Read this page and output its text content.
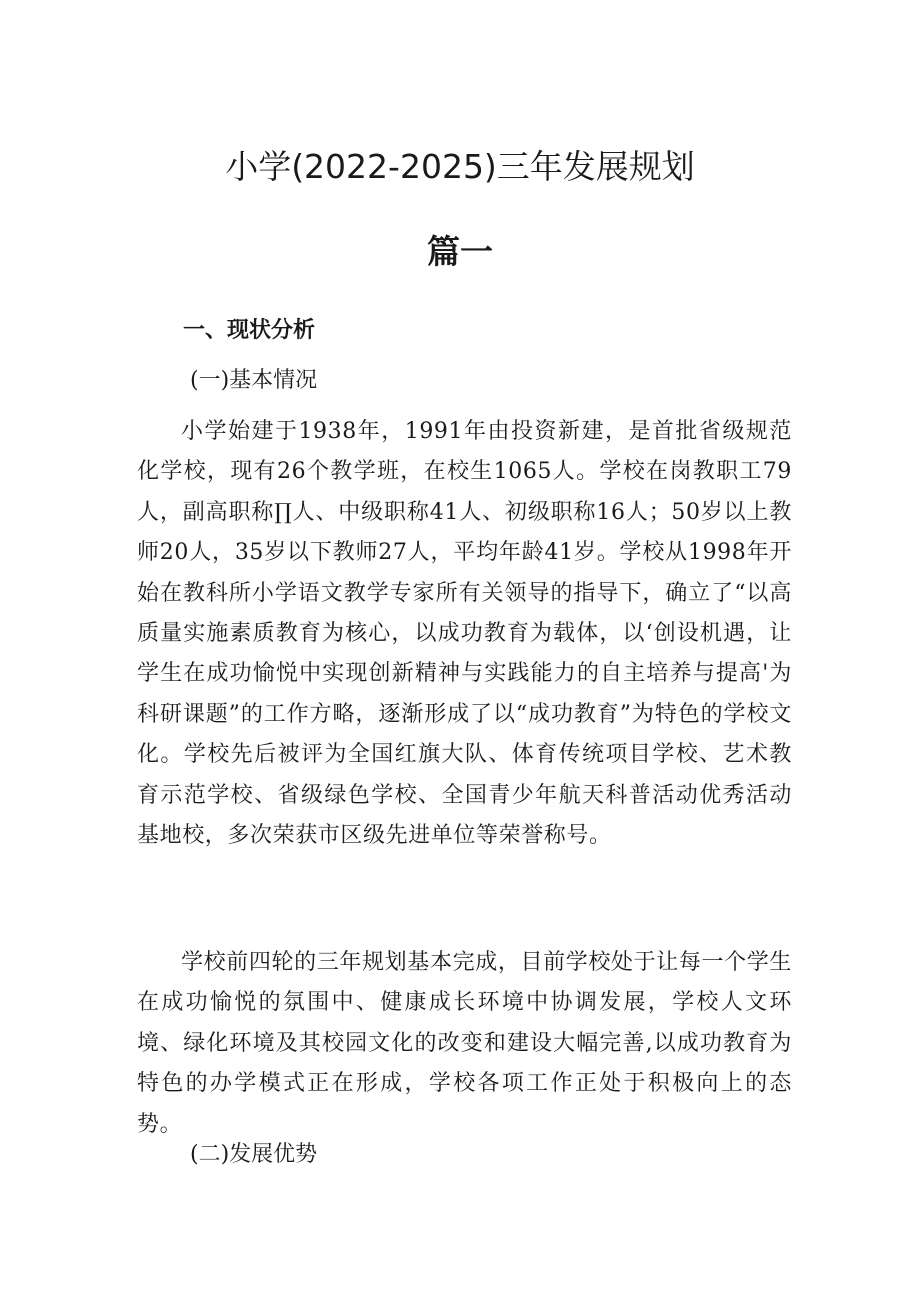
小学(2022-2025)三年发展规划
篇一
一、现状分析
(一)基本情况

小学始建于1938年，1991年由投资新建，是首批省级规范化学校，现有26个教学班，在校生1065人。学校在岗教职工79人，副高职称∏人、中级职称41人、初级职称16人；50岁以上教师20人，35岁以下教师27人，平均年龄41岁。学校从1998年开始在教科所小学语文教学专家所有关领导的指导下，确立了“以高质量实施素质教育为核心，以成功教育为载体，以‘创设机遇，让学生在成功愉悦中实现创新精神与实践能力的自主培养与提高'为科研课题”的工作方略，逐渐形成了以“成功教育”为特色的学校文化。学校先后被评为全国红旗大队、体育传统项目学校、艺术教育示范学校、省级绿色学校、全国青少年航天科普活动优秀活动基地校，多次荣获市区级先进单位等荣誉称号。

学校前四轮的三年规划基本完成，目前学校处于让每一个学生在成功愉悦的氛围中、健康成长环境中协调发展，学校人文环境、绿化环境及其校园文化的改变和建设大幅完善,以成功教育为特色的办学模式正在形成，学校各项工作正处于积极向上的态势。

(二)发展优势
